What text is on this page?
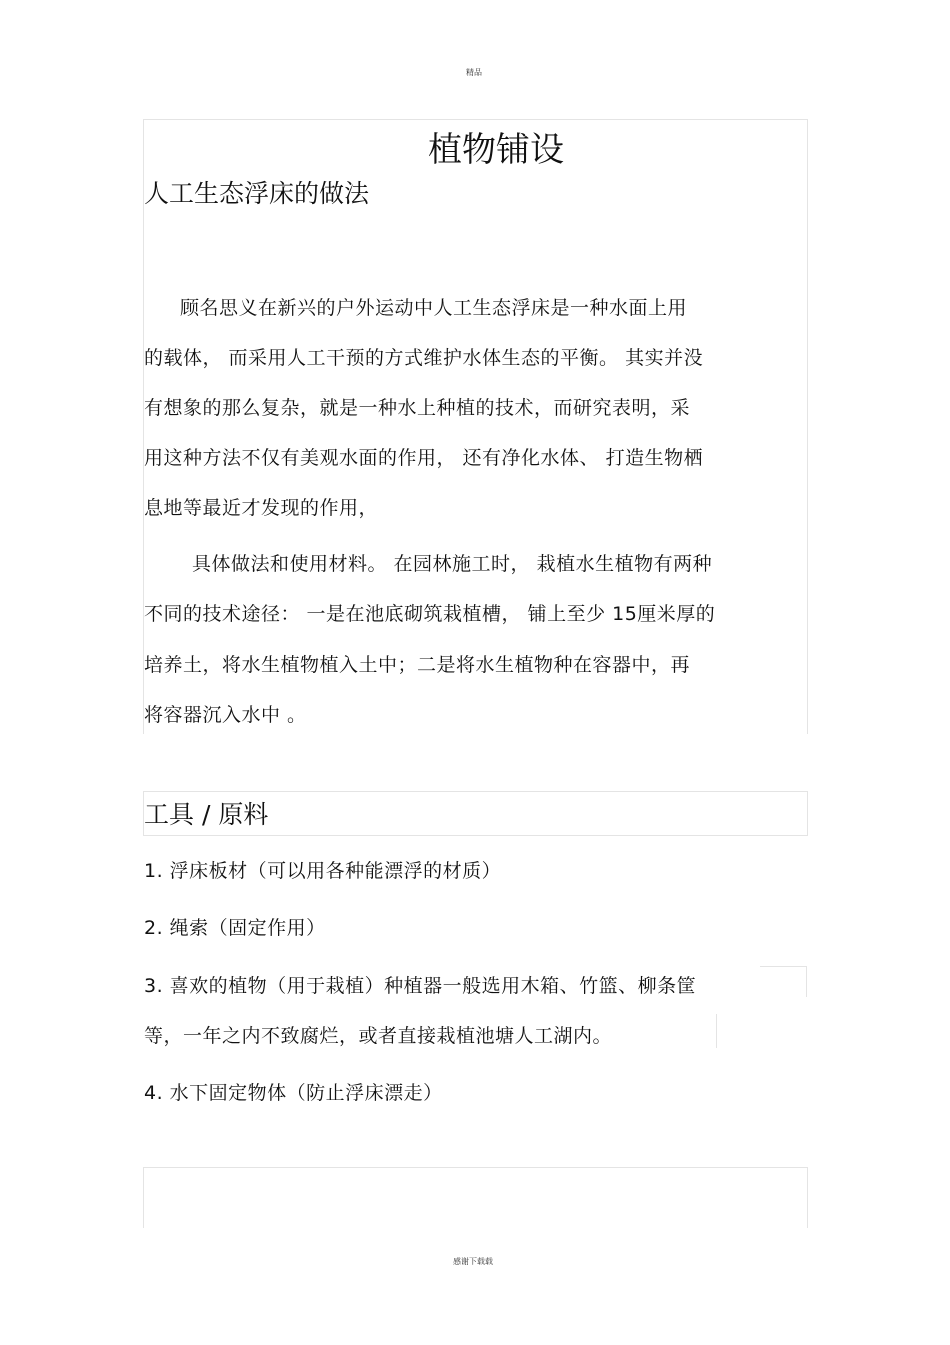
精品
感谢下载载
植物铺设
人工生态浮床的做法
顾名思义在新兴的户外运动中人工生态浮床是一种水面上用
的载体， 而采用人工干预的方式维护水体生态的平衡。 其实并没
有想象的那么复杂，就是一种水上种植的技术，而研究表明，采
用这种方法不仅有美观水面的作用， 还有净化水体、 打造生物栖
息地等最近才发现的作用，
具体做法和使用材料。 在园林施工时， 栽植水生植物有两种
不同的技术途径： 一是在池底砌筑栽植槽， 铺上至少 15厘米厚的
培养土，将水生植物植入土中；二是将水生植物种在容器中，再
将容器沉入水中 。
工具 / 原料
1. 浮床板材（可以用各种能漂浮的材质）
2. 绳索（固定作用）
3. 喜欢的植物（用于栽植）种植器一般选用木箱、竹篮、柳条筐
等，一年之内不致腐烂，或者直接栽植池塘人工湖内。
4. 水下固定物体（防止浮床漂走）
